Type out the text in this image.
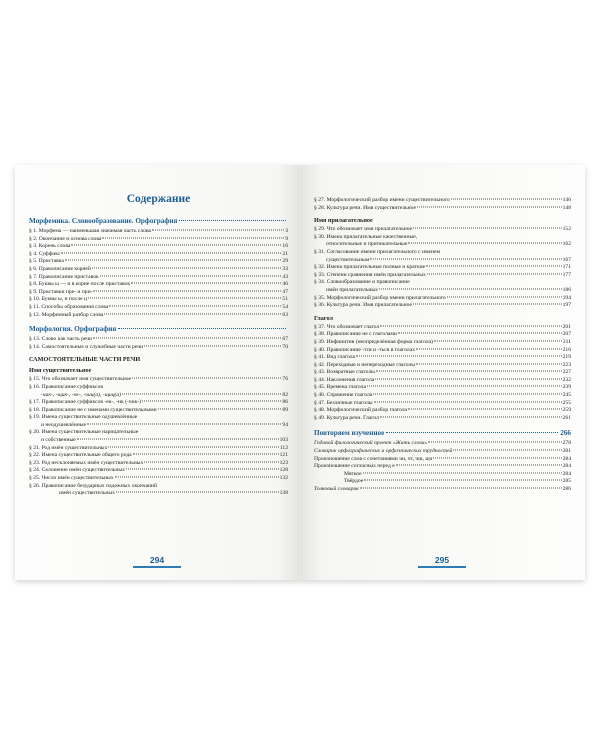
Содержание
Морфемика. Словообразование. Орфография
§ 1. Морфема — наименьшая значимая часть слова	3
§ 2. Окончание и основа слова	9
§ 3. Корень слова	16
§ 4. Суффикс	21
§ 5. Приставка	29
§ 6. Правописание корней	33
§ 7. Правописание приставок	43
§ 8. Буквы ы — и в корне после приставок	46
§ 9. Приставки пре- и при-	47
§ 10. Буквы ы, и после ц	51
§ 11. Способы образования слова	54
§ 12. Морфемный разбор слова	63
Морфология. Орфография
§ 13. Слово как часть речи	67
§ 14. Самостоятельные и служебные части речи	70
САМОСТОЯТЕЛЬНЫЕ ЧАСТИ РЕЧИ
Имя существительное
§ 15. Что обозначает имя существительное	76
§ 16. Правописание суффиксов
-чик-, -щик-, -ек-, -чиц(а), -щиц(а)	82
§ 17. Правописание суффиксов -ек-, -ик (-чик-)	86
§ 18. Правописание не с именами существительными	89
§ 19. Имена существительные одушевлённые
и неодушевлённые	94
§ 20. Имена существительные нарицательные
и собственные	103
§ 21. Род имён существительных	112
§ 22. Имена существительные общего рода	121
§ 23. Род несклоняемых имён существительных	123
§ 24. Склонение имён существительных	128
§ 25. Число имён существительных	132
§ 26. Правописание безударных падежных окончаний
имён существительных	138
294
§ 27. Морфологический разбор имени существительного	146
§ 28. Культура речи. Имя существительное	148
Имя прилагательное
§ 29. Что обозначает имя прилагательное	152
§ 30. Имена прилагательные качественные,
относительные и притяжательные	162
§ 31. Согласование имени прилагательного с именем
существительным	167
§ 32. Имена прилагательные полные и краткие	171
§ 33. Степени сравнения имён прилагательных	177
§ 34. Словообразование и правописание
имён прилагательных	186
§ 35. Морфологический разбор имени прилагательного	194
§ 36. Культура речи. Имя прилагательное	197
Глагол
§ 37. Что обозначает глагол	201
§ 38. Правописание не с глаголами	207
§ 39. Инфинитив (неопределённая форма глагола)	211
§ 40. Правописание -тся и -ться в глаголах	216
§ 41. Вид глагола	219
§ 42. Переходные и непереходные глаголы	223
§ 43. Возвратные глаголы	227
§ 44. Наклонения глагола	232
§ 45. Времена глагола	239
§ 46. Спряжение глагола	245
§ 47. Безличные глаголы	255
§ 48. Морфологический разбор глагола	259
§ 49. Культура речи. Глагол	261
Повторяем изученное	266
Годовой филологический проект «Жить слова»	278
Словарик орфографических и орфоэпических трудностей	281
Произношение слов с сочетаниями чн, чт, чш, щч	284
Произношение согласных перед е	284
Мягкое	284
Твёрдое	285
Толковый словарик	286
295
